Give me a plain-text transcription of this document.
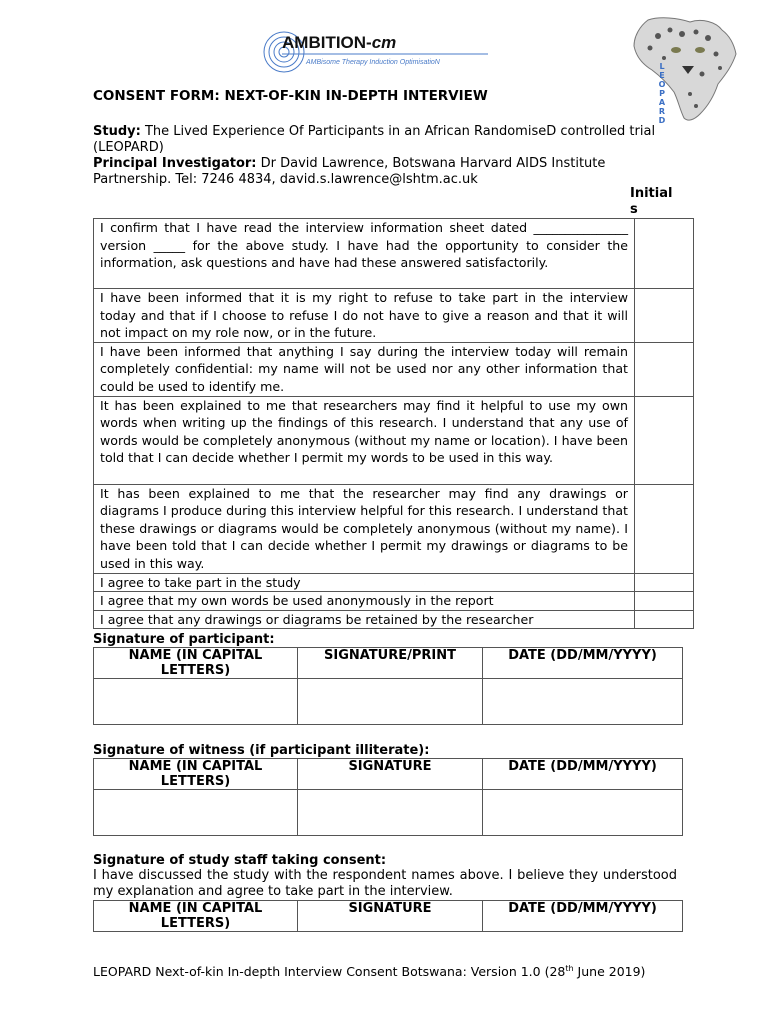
AMBITION-cm
AMBisome Therapy Induction OptimisatioN	LEOPARD
CONSENT FORM: NEXT-OF-KIN IN-DEPTH INTERVIEW
Study: The Lived Experience Of Participants in an African RandomiseD controlled trial (LEOPARD)
Principal Investigator: Dr David Lawrence, Botswana Harvard AIDS Institute Partnership. Tel: 7246 4834, david.s.lawrence@lshtm.ac.uk
Initials
I confirm that I have read the interview information sheet dated _______________ version _____ for the above study. I have had the opportunity to consider the information, ask questions and have had these answered satisfactorily.	
I have been informed that it is my right to refuse to take part in the interview today and that if I choose to refuse I do not have to give a reason and that it will not impact on my role now, or in the future.	
I have been informed that anything I say during the interview today will remain completely confidential: my name will not be used nor any other information that could be used to identify me.	
It has been explained to me that researchers may find it helpful to use my own words when writing up the findings of this research. I understand that any use of words would be completely anonymous (without my name or location). I have been told that I can decide whether I permit my words to be used in this way.	
It has been explained to me that the researcher may find any drawings or diagrams I produce during this interview helpful for this research. I understand that these drawings or diagrams would be completely anonymous (without my name). I have been told that I can decide whether I permit my drawings or diagrams to be used in this way.	
I agree to take part in the study	
I agree that my own words be used anonymously in the report	
I agree that any drawings or diagrams be retained by the researcher	
Signature of participant:
NAME (IN CAPITAL LETTERS)	SIGNATURE/PRINT	DATE (DD/MM/YYYY)

Signature of witness (if participant illiterate):
NAME (IN CAPITAL LETTERS)	SIGNATURE	DATE (DD/MM/YYYY)

Signature of study staff taking consent:
I have discussed the study with the respondent names above. I believe they understood my explanation and agree to take part in the interview.
NAME (IN CAPITAL LETTERS)	SIGNATURE	DATE (DD/MM/YYYY)
LEOPARD Next-of-kin In-depth Interview Consent Botswana: Version 1.0 (28th June 2019)
